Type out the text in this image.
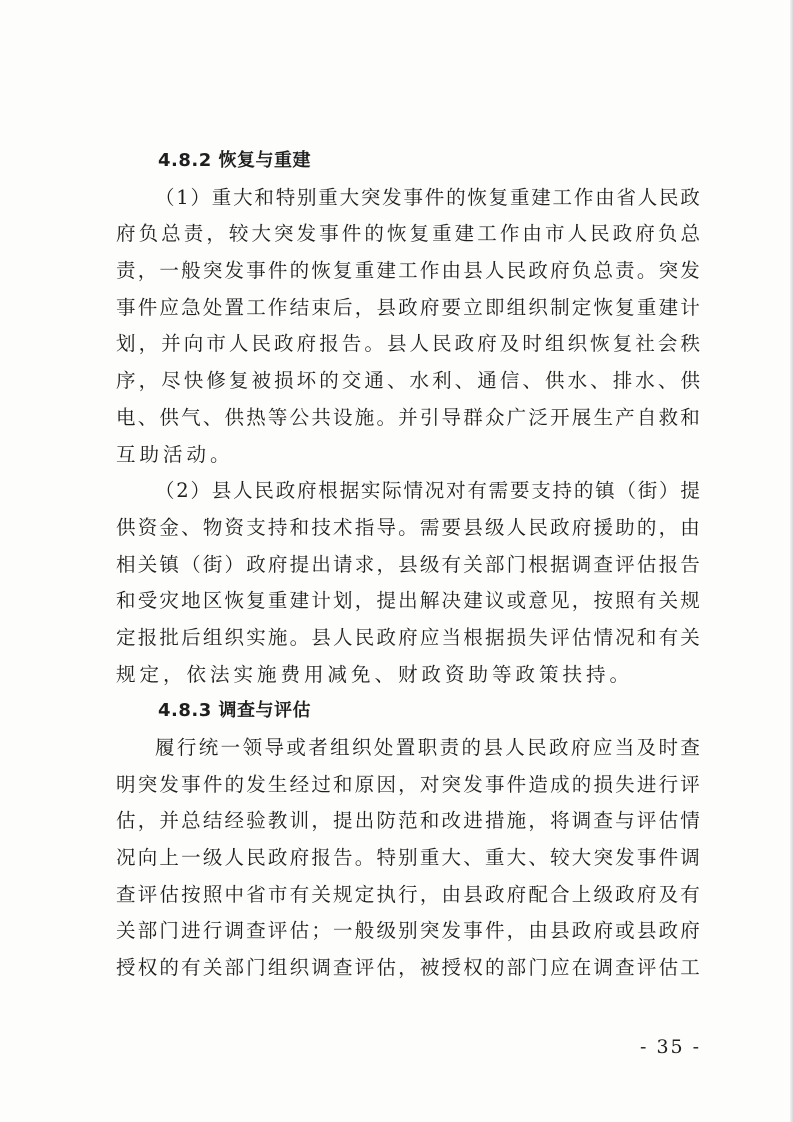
4.8.2 恢复与重建
（ 1 ） 重 大 和 特 别 重 大 突 发 事 件 的 恢 复 重 建 工 作 由 省 人 民 政
府 负 总 责 ， 较 大 突 发 事 件 的 恢 复 重 建 工 作 由 市 人 民 政 府 负 总
责 ， 一 般 突 发 事 件 的 恢 复 重 建 工 作 由 县 人 民 政 府 负 总 责 。 突 发
事 件 应 急 处 置 工 作 结 束 后 ， 县 政 府 要 立 即 组 织 制 定 恢 复 重 建 计
划 ， 并 向 市 人 民 政 府 报 告 。 县 人 民 政 府 及 时 组 织 恢 复 社 会 秩
序 ， 尽 快 修 复 被 损 坏 的 交 通 、 水 利 、 通 信 、 供 水 、 排 水 、 供
电 、 供 气 、 供 热 等 公 共 设 施 。 并 引 导 群 众 广 泛 开 展 生 产 自 救 和
互助活动。
（ 2 ） 县 人 民 政 府 根 据 实 际 情 况 对 有 需 要 支 持 的 镇 （ 街 ） 提
供 资 金 、 物 资 支 持 和 技 术 指 导 。 需 要 县 级 人 民 政 府 援 助 的 ， 由
相 关 镇 （ 街 ） 政 府 提 出 请 求 ， 县 级 有 关 部 门 根 据 调 查 评 估 报 告
和 受 灾 地 区 恢 复 重 建 计 划 ， 提 出 解 决 建 议 或 意 见 ， 按 照 有 关 规
定 报 批 后 组 织 实 施 。 县 人 民 政 府 应 当 根 据 损 失 评 估 情 况 和 有 关
规定，依法实施费用减免、财政资助等政策扶持。
4.8.3 调查与评估
履 行 统 一 领 导 或 者 组 织 处 置 职 责 的 县 人 民 政 府 应 当 及 时 查
明 突 发 事 件 的 发 生 经 过 和 原 因 ， 对 突 发 事 件 造 成 的 损 失 进 行 评
估 ， 并 总 结 经 验 教 训 ， 提 出 防 范 和 改 进 措 施 ， 将 调 查 与 评 估 情
况 向 上 一 级 人 民 政 府 报 告 。 特 别 重 大 、 重 大 、 较 大 突 发 事 件 调
查 评 估 按 照 中 省 市 有 关 规 定 执 行 ， 由 县 政 府 配 合 上 级 政 府 及 有
关 部 门 进 行 调 查 评 估 ； 一 般 级 别 突 发 事 件 ， 由 县 政 府 或 县 政 府
授 权 的 有 关 部 门 组 织 调 查 评 估 ， 被 授 权 的 部 门 应 在 调 查 评 估 工
- 35 -
